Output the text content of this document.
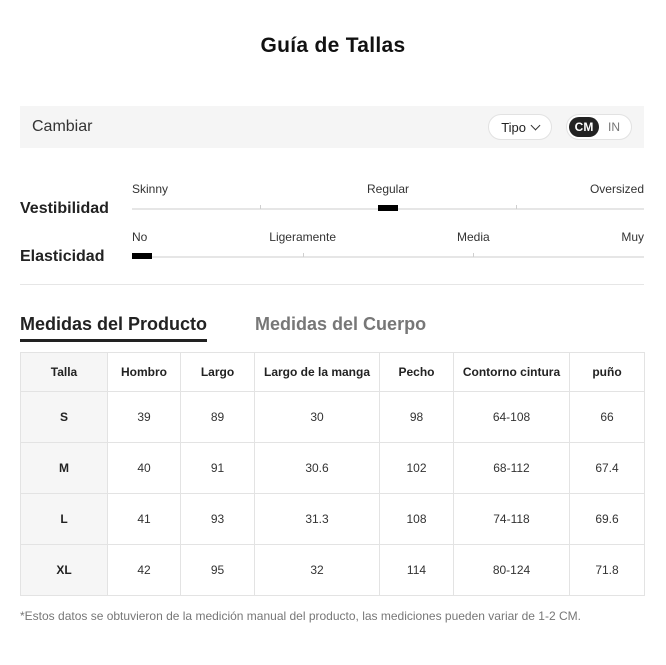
Guía de Tallas
Cambiar	Tipo	CM	IN
Vestibilidad
Skinny	Regular	Oversized
Elasticidad
No	Ligeramente	Media	Muy
Medidas del Producto	Medidas del Cuerpo
Talla	Hombro	Largo	Largo de la manga	Pecho	Contorno cintura	puño
S	39	89	30	98	64-108	66
M	40	91	30.6	102	68-112	67.4
L	41	93	31.3	108	74-118	69.6
XL	42	95	32	114	80-124	71.8
*Estos datos se obtuvieron de la medición manual del producto, las mediciones pueden variar de 1-2 CM.
